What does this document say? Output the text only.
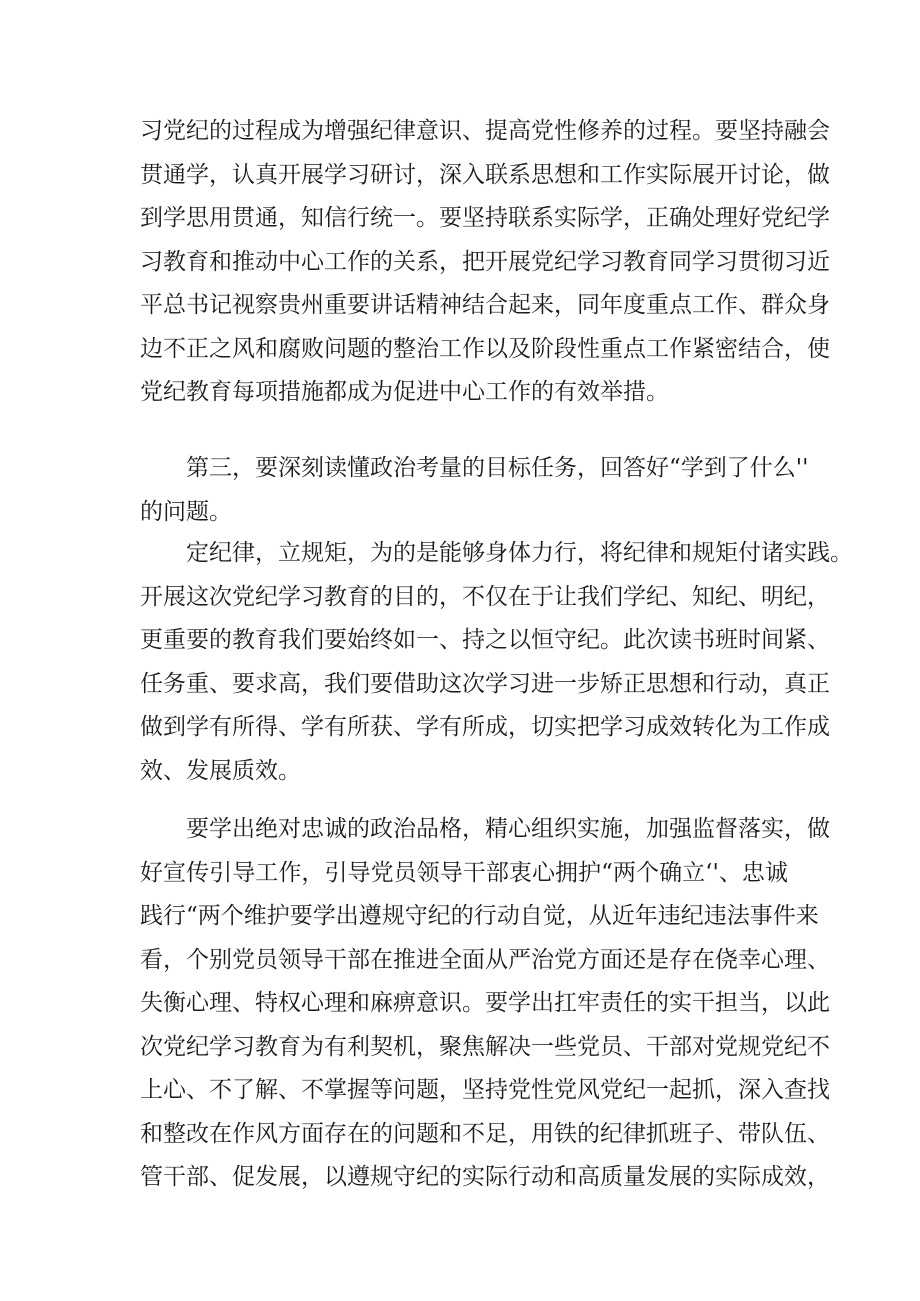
习党纪的过程成为增强纪律意识、提高党性修养的过程。要坚持融会
贯通学，认真开展学习研讨，深入联系思想和工作实际展开讨论，做
到学思用贯通，知信行统一。要坚持联系实际学，正确处理好党纪学
习教育和推动中心工作的关系，把开展党纪学习教育同学习贯彻习近
平总书记视察贵州重要讲话精神结合起来，同年度重点工作、群众身
边不正之风和腐败问题的整治工作以及阶段性重点工作紧密结合，使
党纪教育每项措施都成为促进中心工作的有效举措。
第三，要深刻读懂政治考量的目标任务，回答好“学到了什么''
的问题。
定纪律，立规矩，为的是能够身体力行，将纪律和规矩付诸实践。
开展这次党纪学习教育的目的，不仅在于让我们学纪、知纪、明纪，
更重要的教育我们要始终如一、持之以恒守纪。此次读书班时间紧、
任务重、要求高，我们要借助这次学习进一步矫正思想和行动，真正
做到学有所得、学有所获、学有所成，切实把学习成效转化为工作成
效、发展质效。
要学出绝对忠诚的政治品格，精心组织实施，加强监督落实，做
好宣传引导工作，引导党员领导干部衷心拥护“两个确立‘'、忠诚
践行“两个维护要学出遵规守纪的行动自觉，从近年违纪违法事件来
看，个别党员领导干部在推进全面从严治党方面还是存在侥幸心理、
失衡心理、特权心理和麻痹意识。要学出扛牢责任的实干担当，以此
次党纪学习教育为有利契机，聚焦解决一些党员、干部对党规党纪不
上心、不了解、不掌握等问题，坚持党性党风党纪一起抓，深入查找
和整改在作风方面存在的问题和不足，用铁的纪律抓班子、带队伍、
管干部、促发展，以遵规守纪的实际行动和高质量发展的实际成效，
